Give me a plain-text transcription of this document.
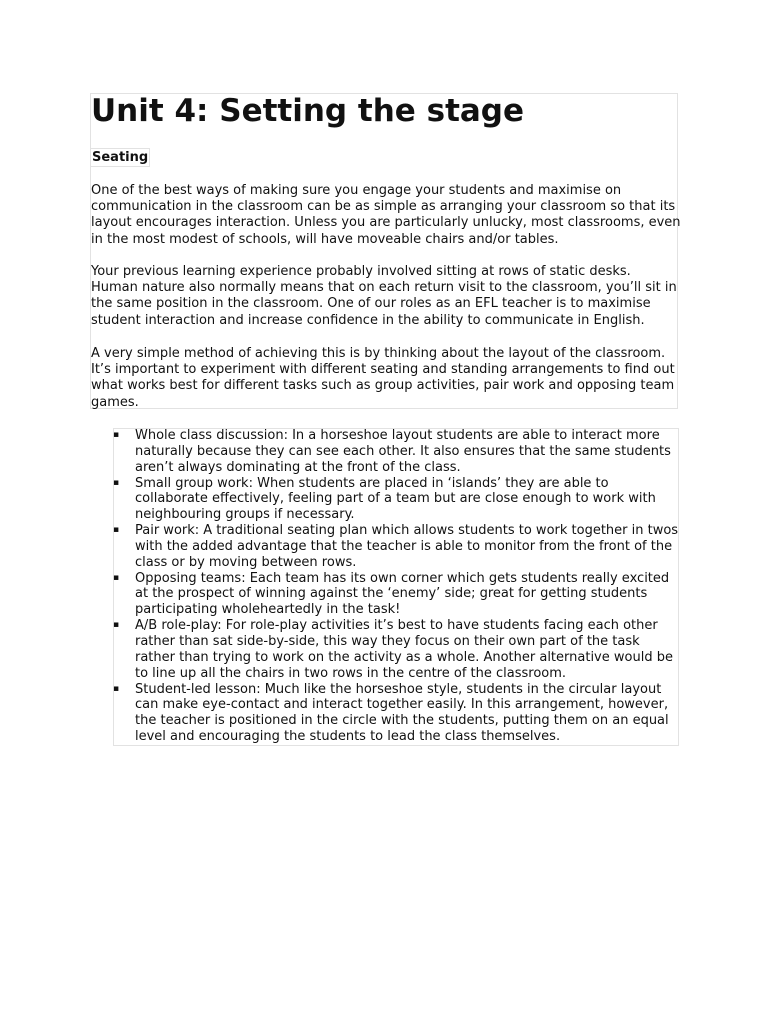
Unit 4: Setting the stage
Seating

One of the best ways of making sure you engage your students and maximise on communication in the classroom can be as simple as arranging your classroom so that its layout encourages interaction. Unless you are particularly unlucky, most classrooms, even in the most modest of schools, will have moveable chairs and/or tables.

Your previous learning experience probably involved sitting at rows of static desks. Human nature also normally means that on each return visit to the classroom, you’ll sit in the same position in the classroom. One of our roles as an EFL teacher is to maximise student interaction and increase confidence in the ability to communicate in English.

A very simple method of achieving this is by thinking about the layout of the classroom. It’s important to experiment with different seating and standing arrangements to find out what works best for different tasks such as group activities, pair work and opposing team games.

▪ Whole class discussion: In a horseshoe layout students are able to interact more naturally because they can see each other. It also ensures that the same students aren’t always dominating at the front of the class.
▪ Small group work: When students are placed in ‘islands’ they are able to collaborate effectively, feeling part of a team but are close enough to work with neighbouring groups if necessary.
▪ Pair work: A traditional seating plan which allows students to work together in twos with the added advantage that the teacher is able to monitor from the front of the class or by moving between rows.
▪ Opposing teams: Each team has its own corner which gets students really excited at the prospect of winning against the ‘enemy’ side; great for getting students participating wholeheartedly in the task!
▪ A/B role-play: For role-play activities it’s best to have students facing each other rather than sat side-by-side, this way they focus on their own part of the task rather than trying to work on the activity as a whole. Another alternative would be to line up all the chairs in two rows in the centre of the classroom.
▪ Student-led lesson: Much like the horseshoe style, students in the circular layout can make eye-contact and interact together easily. In this arrangement, however, the teacher is positioned in the circle with the students, putting them on an equal level and encouraging the students to lead the class themselves.
